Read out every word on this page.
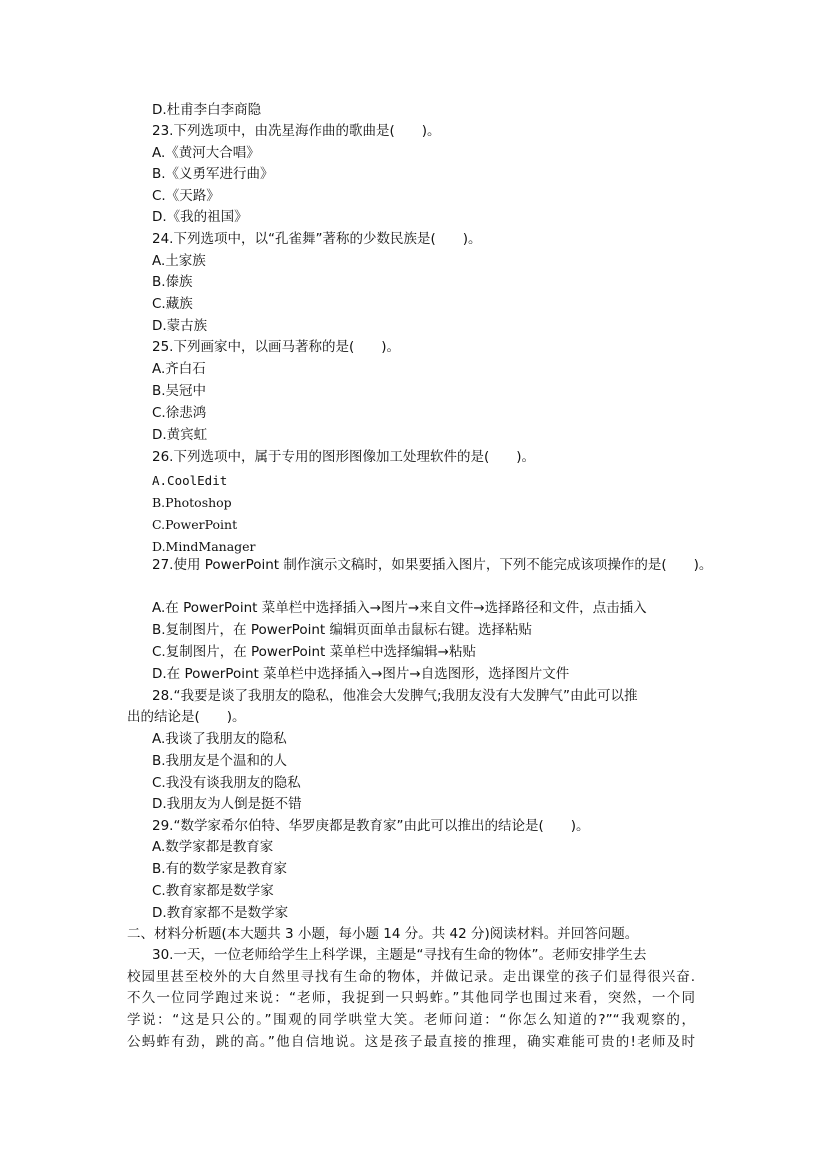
D.杜甫李白李商隐
23.下列选项中，由冼星海作曲的歌曲是(　　)。
A.《黄河大合唱》
B.《义勇军进行曲》
C.《天路》
D.《我的祖国》
24.下列选项中，以“孔雀舞”著称的少数民族是(　　)。
A.土家族
B.傣族
C.藏族
D.蒙古族
25.下列画家中，以画马著称的是(　　)。
A.齐白石
B.吴冠中
C.徐悲鸿
D.黄宾虹
26.下列选项中，属于专用的图形图像加工处理软件的是(　　)。
A.CoolEdit
B.Photoshop
C.PowerPoint
D.MindManager
27.使用 PowerPoint 制作演示文稿时，如果要插入图片，下列不能完成该项操作的是(　　)。
A.在 PowerPoint 菜单栏中选择插入→图片→来自文件→选择路径和文件，点击插入
B.复制图片，在 PowerPoint 编辑页面单击鼠标右键。选择粘贴
C.复制图片，在 PowerPoint 菜单栏中选择编辑→粘贴
D.在 PowerPoint 菜单栏中选择插入→图片→自选图形，选择图片文件
28.“我要是谈了我朋友的隐私，他准会大发脾气;我朋友没有大发脾气”由此可以推
出的结论是(　　)。
A.我谈了我朋友的隐私
B.我朋友是个温和的人
C.我没有谈我朋友的隐私
D.我朋友为人倒是挺不错
29.“数学家希尔伯特、华罗庚都是教育家”由此可以推出的结论是(　　)。
A.数学家都是教育家
B.有的数学家是教育家
C.教育家都是数学家
D.教育家都不是数学家
二、材料分析题(本大题共 3 小题，每小题 14 分。共 42 分)阅读材料。并回答问题。
30.一天，一位老师给学生上科学课，主题是“寻找有生命的物体”。老师安排学生去
校园里甚至校外的大自然里寻找有生命的物体，并做记录。走出课堂的孩子们显得很兴奋.
不久一位同学跑过来说：“老师，我捉到一只蚂蚱。”其他同学也围过来看，突然，一个同
学说：“这是只公的。”围观的同学哄堂大笑。老师问道：“你怎么知道的?”“我观察的，
公蚂蚱有劲，跳的高。”他自信地说。这是孩子最直接的推理，确实难能可贵的!老师及时
